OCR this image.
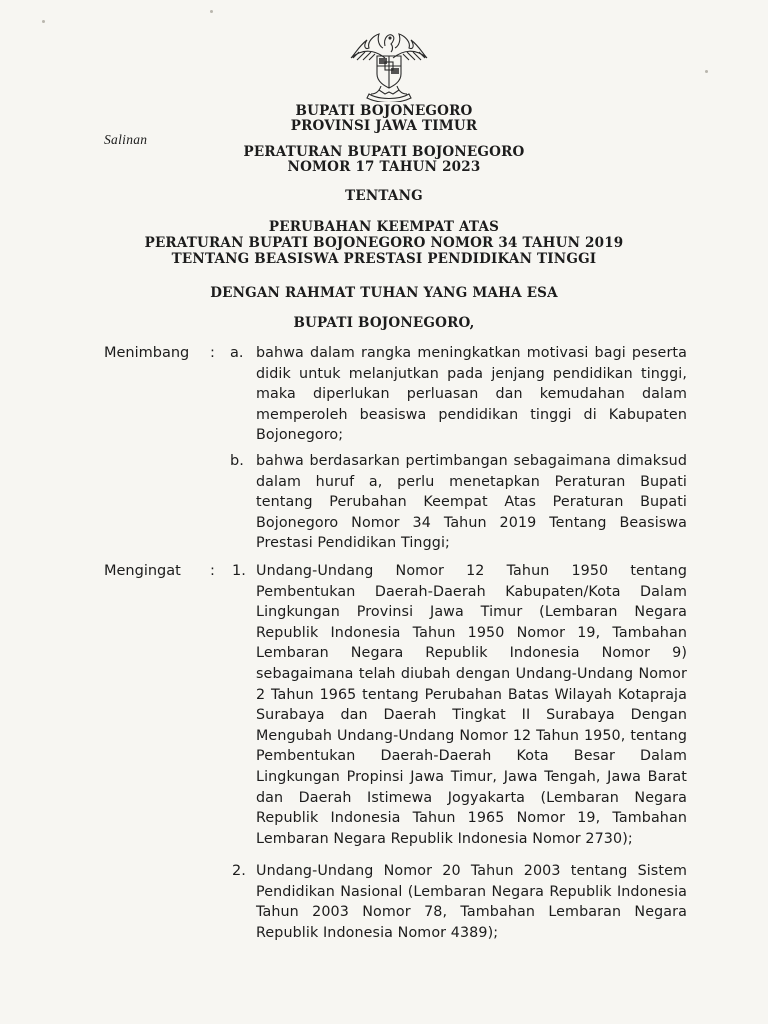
BUPATI BOJONEGORO
PROVINSI JAWA TIMUR
Salinan
PERATURAN BUPATI BOJONEGORO
NOMOR 17 TAHUN 2023
TENTANG
PERUBAHAN KEEMPAT ATAS
PERATURAN BUPATI BOJONEGORO NOMOR 34 TAHUN 2019
TENTANG BEASISWA PRESTASI PENDIDIKAN TINGGI
DENGAN RAHMAT TUHAN YANG MAHA ESA
BUPATI BOJONEGORO,
Menimbang : a. bahwa dalam rangka meningkatkan motivasi bagi peserta didik untuk melanjutkan pada jenjang pendidikan tinggi, maka diperlukan perluasan dan kemudahan dalam memperoleh beasiswa pendidikan tinggi di Kabupaten Bojonegoro;

b. bahwa berdasarkan pertimbangan sebagaimana dimaksud dalam huruf a, perlu menetapkan Peraturan Bupati tentang Perubahan Keempat Atas Peraturan Bupati Bojonegoro Nomor 34 Tahun 2019 Tentang Beasiswa Prestasi Pendidikan Tinggi;

Mengingat : 1. Undang-Undang Nomor 12 Tahun 1950 tentang Pembentukan Daerah-Daerah Kabupaten/Kota Dalam Lingkungan Provinsi Jawa Timur (Lembaran Negara Republik Indonesia Tahun 1950 Nomor 19, Tambahan Lembaran Negara Republik Indonesia Nomor 9) sebagaimana telah diubah dengan Undang-Undang Nomor 2 Tahun 1965 tentang Perubahan Batas Wilayah Kotapraja Surabaya dan Daerah Tingkat II Surabaya Dengan Mengubah Undang-Undang Nomor 12 Tahun 1950, tentang Pembentukan Daerah-Daerah Kota Besar Dalam Lingkungan Propinsi Jawa Timur, Jawa Tengah, Jawa Barat dan Daerah Istimewa Jogyakarta (Lembaran Negara Republik Indonesia Tahun 1965 Nomor 19, Tambahan Lembaran Negara Republik Indonesia Nomor 2730);

2. Undang-Undang Nomor 20 Tahun 2003 tentang Sistem Pendidikan Nasional (Lembaran Negara Republik Indonesia Tahun 2003 Nomor 78, Tambahan Lembaran Negara Republik Indonesia Nomor 4389);
